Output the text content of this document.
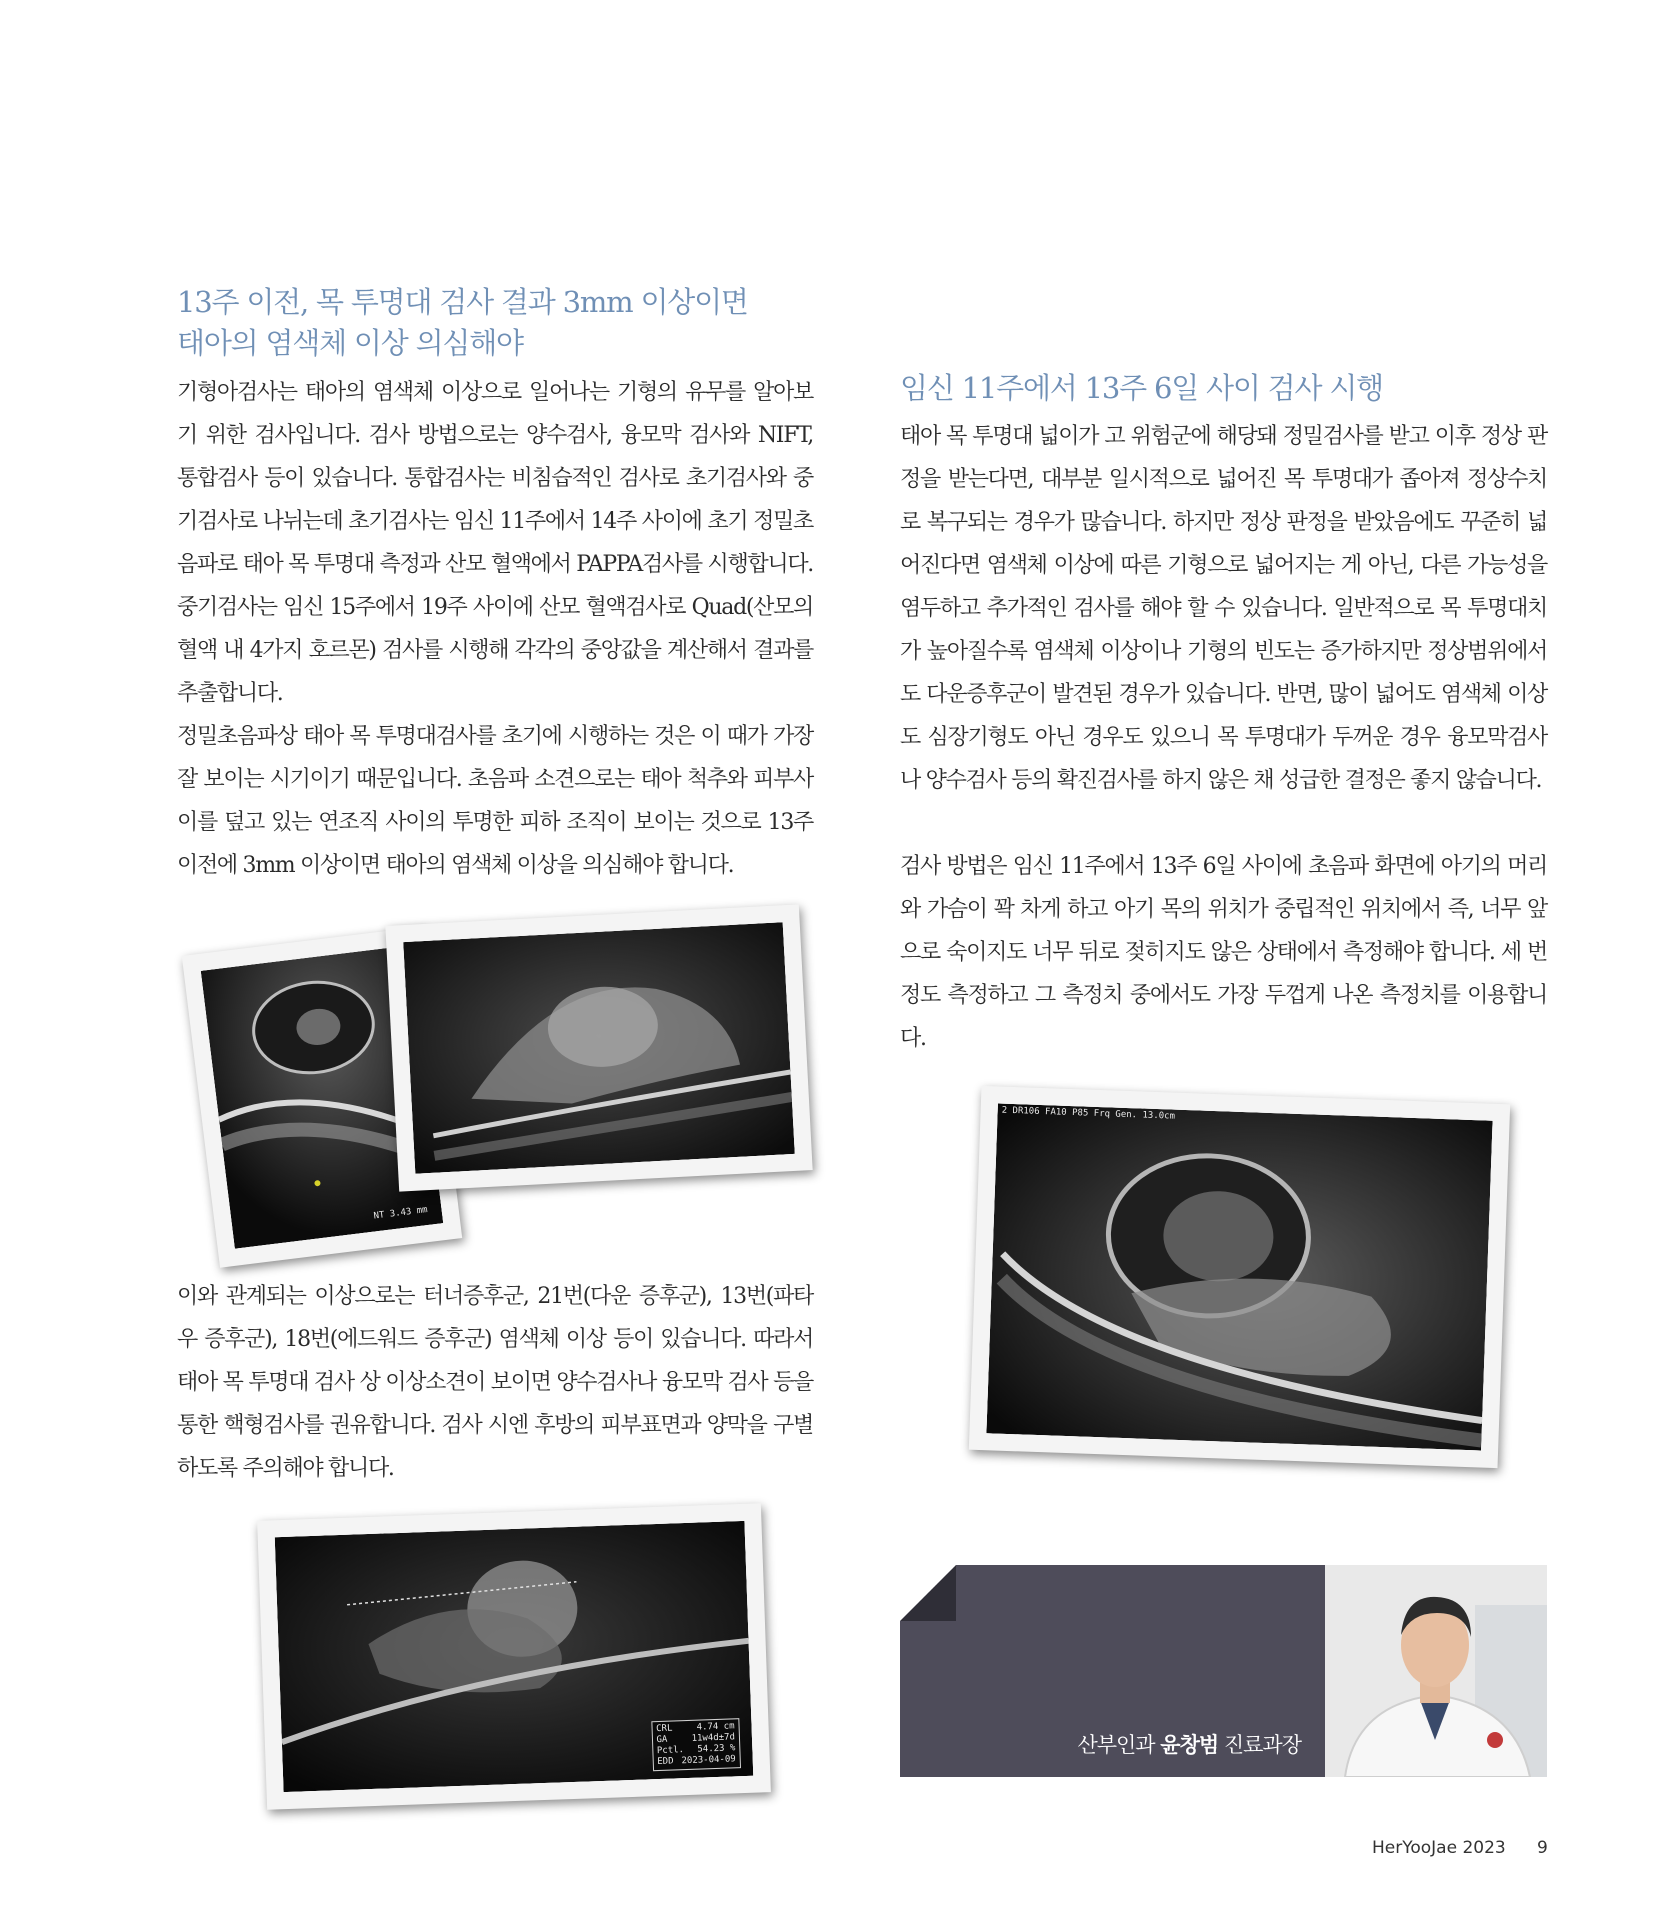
13주 이전, 목 투명대 검사 결과 3mm 이상이면
태아의 염색체 이상 의심해야

기형아검사는 태아의 염색체 이상으로 일어나는 기형의 유무를 알아보기 위한 검사입니다. 검사 방법으로는 양수검사, 융모막 검사와 NIFT, 통합검사 등이 있습니다. 통합검사는 비침습적인 검사로 초기검사와 중기검사로 나뉘는데 초기검사는 임신 11주에서 14주 사이에 초기 정밀초음파로 태아 목 투명대 측정과 산모 혈액에서 PAPPA검사를 시행합니다. 중기검사는 임신 15주에서 19주 사이에 산모 혈액검사로 Quad(산모의 혈액 내 4가지 호르몬) 검사를 시행해 각각의 중앙값을 계산해서 결과를 추출합니다.

정밀초음파상 태아 목 투명대검사를 초기에 시행하는 것은 이 때가 가장 잘 보이는 시기이기 때문입니다. 초음파 소견으로는 태아 척추와 피부사이를 덮고 있는 연조직 사이의 투명한 피하 조직이 보이는 것으로 13주 이전에 3mm 이상이면 태아의 염색체 이상을 의심해야 합니다.

NT 3.43 mm

이와 관계되는 이상으로는 터너증후군, 21번(다운 증후군), 13번(파타우 증후군), 18번(에드워드 증후군) 염색체 이상 등이 있습니다. 따라서 태아 목 투명대 검사 상 이상소견이 보이면 양수검사나 융모막 검사 등을 통한 핵형검사를 권유합니다. 검사 시엔 후방의 피부표면과 양막을 구별하도록 주의해야 합니다.

CRL	4.74 cm
GA	11w4d±7d
Pctl. 54.23 %
EDD 2023-04-09
임신 11주에서 13주 6일 사이 검사 시행

태아 목 투명대 넓이가 고 위험군에 해당돼 정밀검사를 받고 이후 정상 판정을 받는다면, 대부분 일시적으로 넓어진 목 투명대가 좁아져 정상수치로 복구되는 경우가 많습니다. 하지만 정상 판정을 받았음에도 꾸준히 넓어진다면 염색체 이상에 따른 기형으로 넓어지는 게 아닌, 다른 가능성을 염두하고 추가적인 검사를 해야 할 수 있습니다. 일반적으로 목 투명대치가 높아질수록 염색체 이상이나 기형의 빈도는 증가하지만 정상범위에서도 다운증후군이 발견된 경우가 있습니다. 반면, 많이 넓어도 염색체 이상도 심장기형도 아닌 경우도 있으니 목 투명대가 두꺼운 경우 융모막검사나 양수검사 등의 확진검사를 하지 않은 채 성급한 결정은 좋지 않습니다.

검사 방법은 임신 11주에서 13주 6일 사이에 초음파 화면에 아기의 머리와 가슴이 꽉 차게 하고 아기 목의 위치가 중립적인 위치에서 즉, 너무 앞으로 숙이지도 너무 뒤로 젖히지도 않은 상태에서 측정해야 합니다. 세 번 정도 측정하고 그 측정치 중에서도 가장 두껍게 나온 측정치를 이용합니다.

2 DR106 FA10 P85 Frq Gen. 13.0cm
산부인과 윤창범 진료과장
HerYooJae 2023 9
